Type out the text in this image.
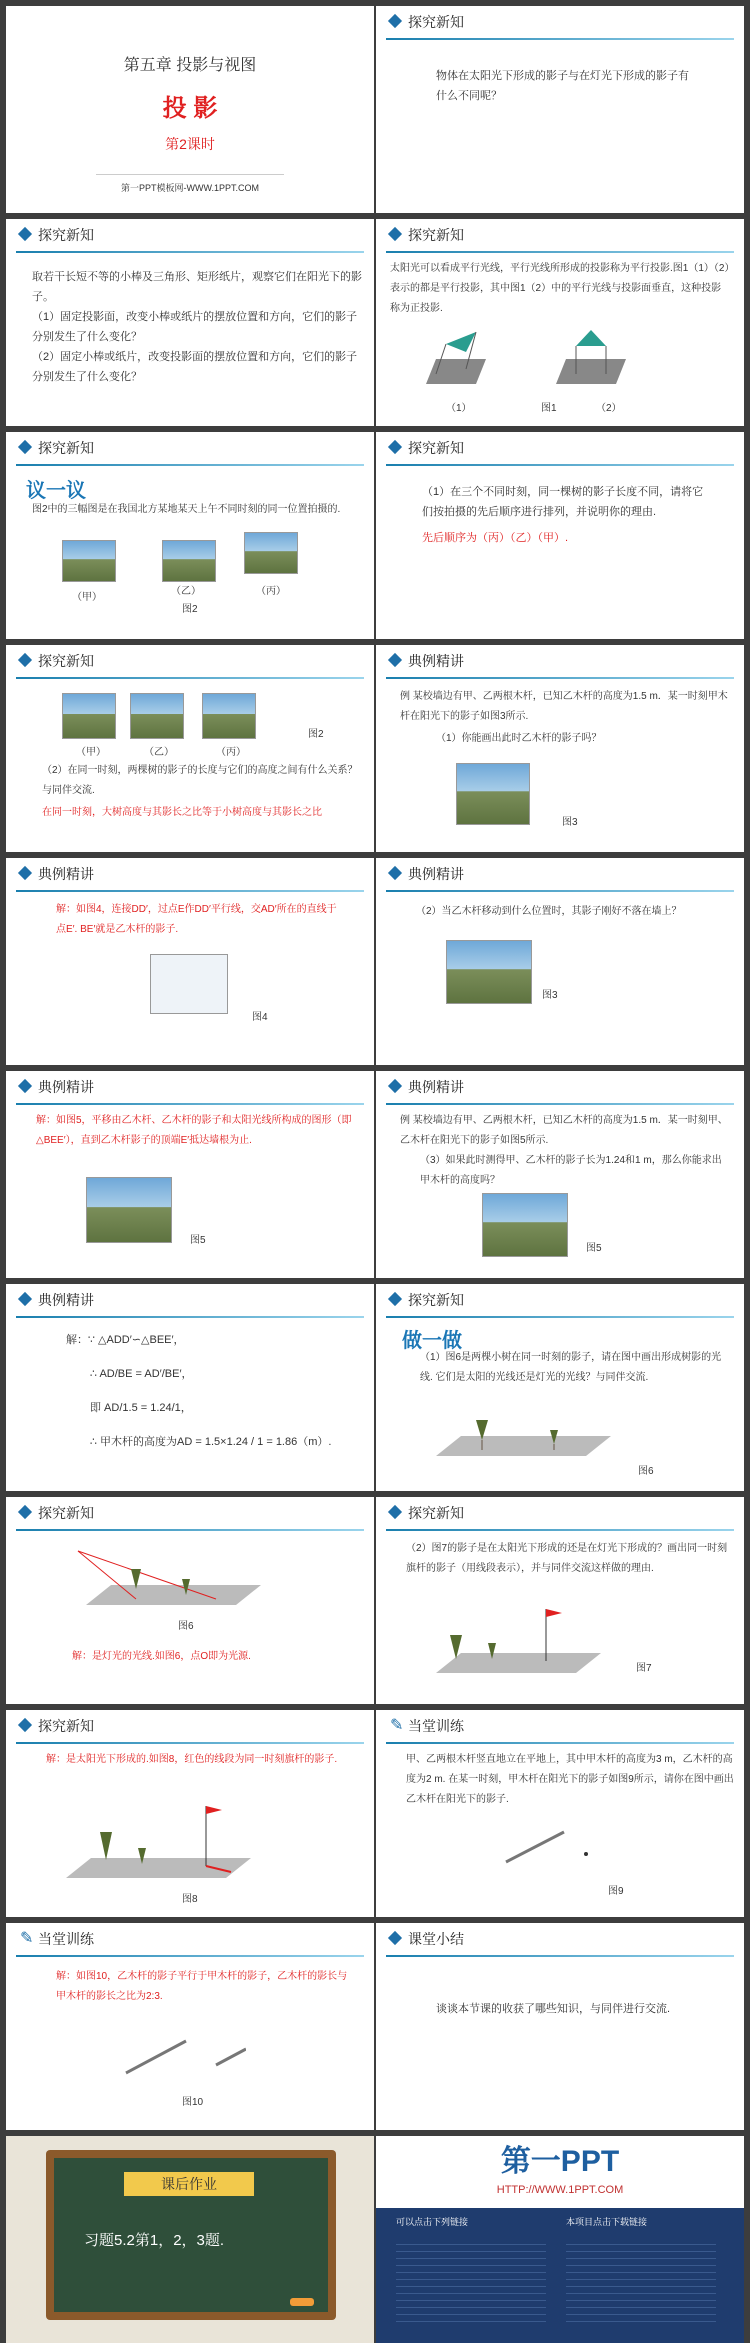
第五章 投影与视图
投 影
第2课时
第一PPT模板网-WWW.1PPT.COM
探究新知
物体在太阳光下形成的影子与在灯光下形成的影子有什么不同呢？
探究新知
取若干长短不等的小棒及三角形、矩形纸片，观察它们在阳光下的影子。
（1）固定投影面，改变小棒或纸片的摆放位置和方向，它们的影子分别发生了什么变化？
（2）固定小棒或纸片，改变投影面的摆放位置和方向，它们的影子分别发生了什么变化？
探究新知
太阳光可以看成平行光线，平行光线所形成的投影称为平行投影.图1（1）（2）表示的都是平行投影，其中图1（2）中的平行光线与投影面垂直，这种投影称为正投影.
（1）	图1	（2）
探究新知
议一议
图2中的三幅图是在我国北方某地某天上午不同时刻的同一位置拍摄的.
（甲）
（乙）	（丙）
图2
探究新知
（1）在三个不同时刻，同一棵树的影子长度不同，请将它们按拍摄的先后顺序进行排列，并说明你的理由.
先后顺序为（丙）（乙）（甲）.
探究新知
（甲）	（乙）	（丙）
图2
（2）在同一时刻，两棵树的影子的长度与它们的高度之间有什么关系？与同伴交流.
在同一时刻，大树高度与其影长之比等于小树高度与其影长之比
典例精讲
例 某校墙边有甲、乙两根木杆，已知乙木杆的高度为1.5 m．某一时刻甲木杆在阳光下的影子如图3所示.
（1）你能画出此时乙木杆的影子吗？
图3
典例精讲
解：如图4，连接DD′，过点E作DD′平行线，交AD′所在的直线于点E′. BE′就是乙木杆的影子.
图4
典例精讲
（2）当乙木杆移动到什么位置时，其影子刚好不落在墙上？
图3
典例精讲
解：如图5，平移由乙木杆、乙木杆的影子和太阳光线所构成的图形（即△BEE′），直到乙木杆影子的顶端E′抵达墙根为止.
图5
典例精讲
例 某校墙边有甲、乙两根木杆，已知乙木杆的高度为1.5 m．某一时刻甲、乙木杆在阳光下的影子如图5所示.
（3）如果此时测得甲、乙木杆的影子长为1.24和1 m，那么你能求出甲木杆的高度吗？
图5
典例精讲
解：∵ △ADD′∽△BEE′，
∴ AD/BE = AD′/BE′，
即 AD/1.5 = 1.24/1，
∴ 甲木杆的高度为AD = 1.5×1.24 / 1 = 1.86（m）.
探究新知
做一做
（1）图6是两棵小树在同一时刻的影子，请在图中画出形成树影的光线. 它们是太阳的光线还是灯光的光线？与同伴交流.
图6
探究新知
图6
解：是灯光的光线.如图6，点O即为光源.
探究新知
（2）图7的影子是在太阳光下形成的还是在灯光下形成的？画出同一时刻旗杆的影子（用线段表示），并与同伴交流这样做的理由.
图7
探究新知
解：是太阳光下形成的.如图8，红色的线段为同一时刻旗杆的影子.
图8
✎ 当堂训练
甲、乙两根木杆竖直地立在平地上，其中甲木杆的高度为3 m，乙木杆的高度为2 m. 在某一时刻，甲木杆在阳光下的影子如图9所示，请你在图中画出乙木杆在阳光下的影子.
图9
✎ 当堂训练
解：如图10，乙木杆的影子平行于甲木杆的影子，乙木杆的影长与甲木杆的影长之比为2:3.
图10
课堂小结
谈谈本节课的收获了哪些知识，与同伴进行交流.
课后作业
习题5.2第1，2，3题.
第一PPT
HTTP://WWW.1PPT.COM
可以点击下列链接	本项目点击下载链接
